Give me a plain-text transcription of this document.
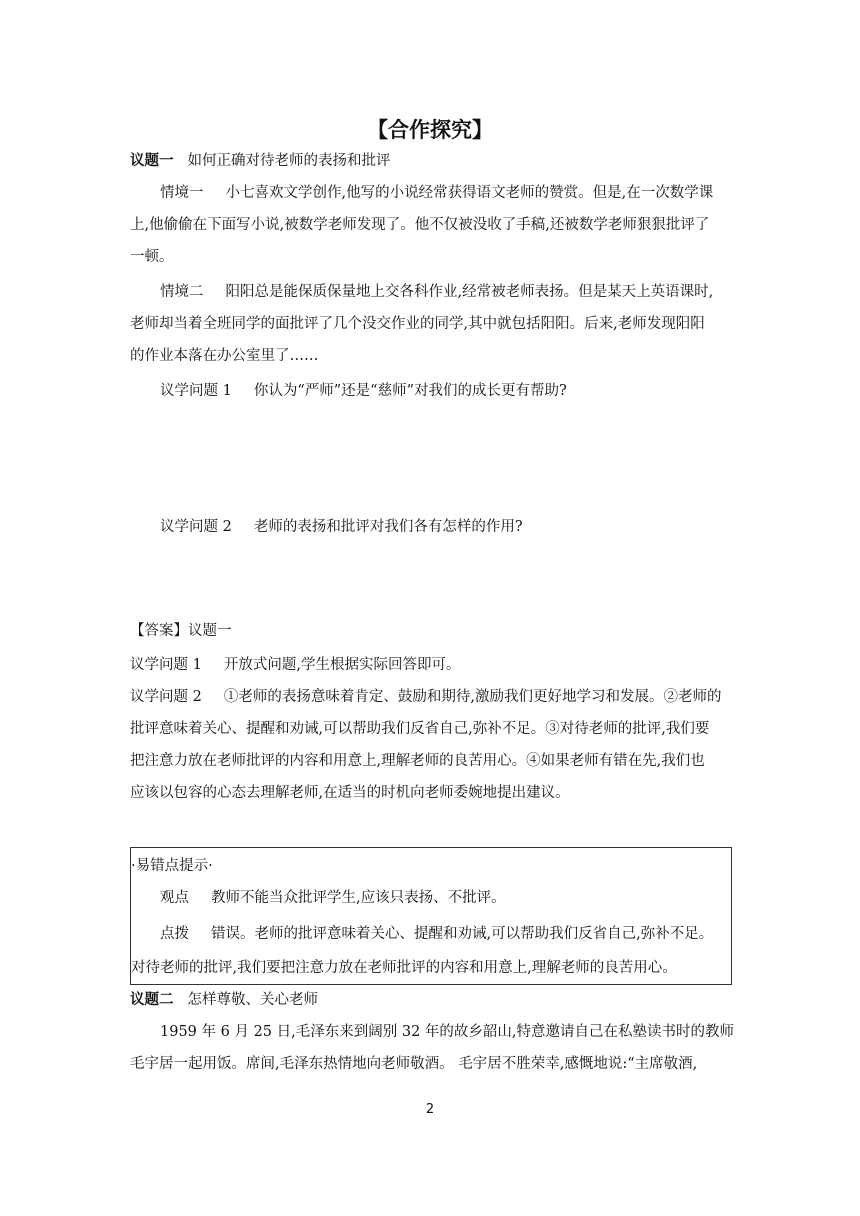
【合作探究】
议题一 如何正确对待老师的表扬和批评
情境一 小七喜欢文学创作,他写的小说经常获得语文老师的赞赏。但是,在一次数学课
上,他偷偷在下面写小说,被数学老师发现了。他不仅被没收了手稿,还被数学老师狠狠批评了
一顿。
情境二 阳阳总是能保质保量地上交各科作业,经常被老师表扬。但是某天上英语课时,
老师却当着全班同学的面批评了几个没交作业的同学,其中就包括阳阳。后来,老师发现阳阳
的作业本落在办公室里了……
议学问题 1 你认为“严师”还是“慈师”对我们的成长更有帮助?
议学问题 2 老师的表扬和批评对我们各有怎样的作用?
【答案】议题一
议学问题 1 开放式问题,学生根据实际回答即可。
议学问题 2 ①老师的表扬意味着肯定、鼓励和期待,激励我们更好地学习和发展。②老师的
批评意味着关心、提醒和劝诫,可以帮助我们反省自己,弥补不足。③对待老师的批评,我们要
把注意力放在老师批评的内容和用意上,理解老师的良苦用心。④如果老师有错在先,我们也
应该以包容的心态去理解老师,在适当的时机向老师委婉地提出建议。
·易错点提示·
观点 教师不能当众批评学生,应该只表扬、不批评。
点拨 错误。老师的批评意味着关心、提醒和劝诫,可以帮助我们反省自己,弥补不足。
对待老师的批评,我们要把注意力放在老师批评的内容和用意上,理解老师的良苦用心。
议题二 怎样尊敬、关心老师
1959 年 6 月 25 日,毛泽东来到阔别 32 年的故乡韶山,特意邀请自己在私塾读书时的教师
毛宇居一起用饭。席间,毛泽东热情地向老师敬酒。 毛宇居不胜荣幸,感慨地说:“主席敬酒,
2
